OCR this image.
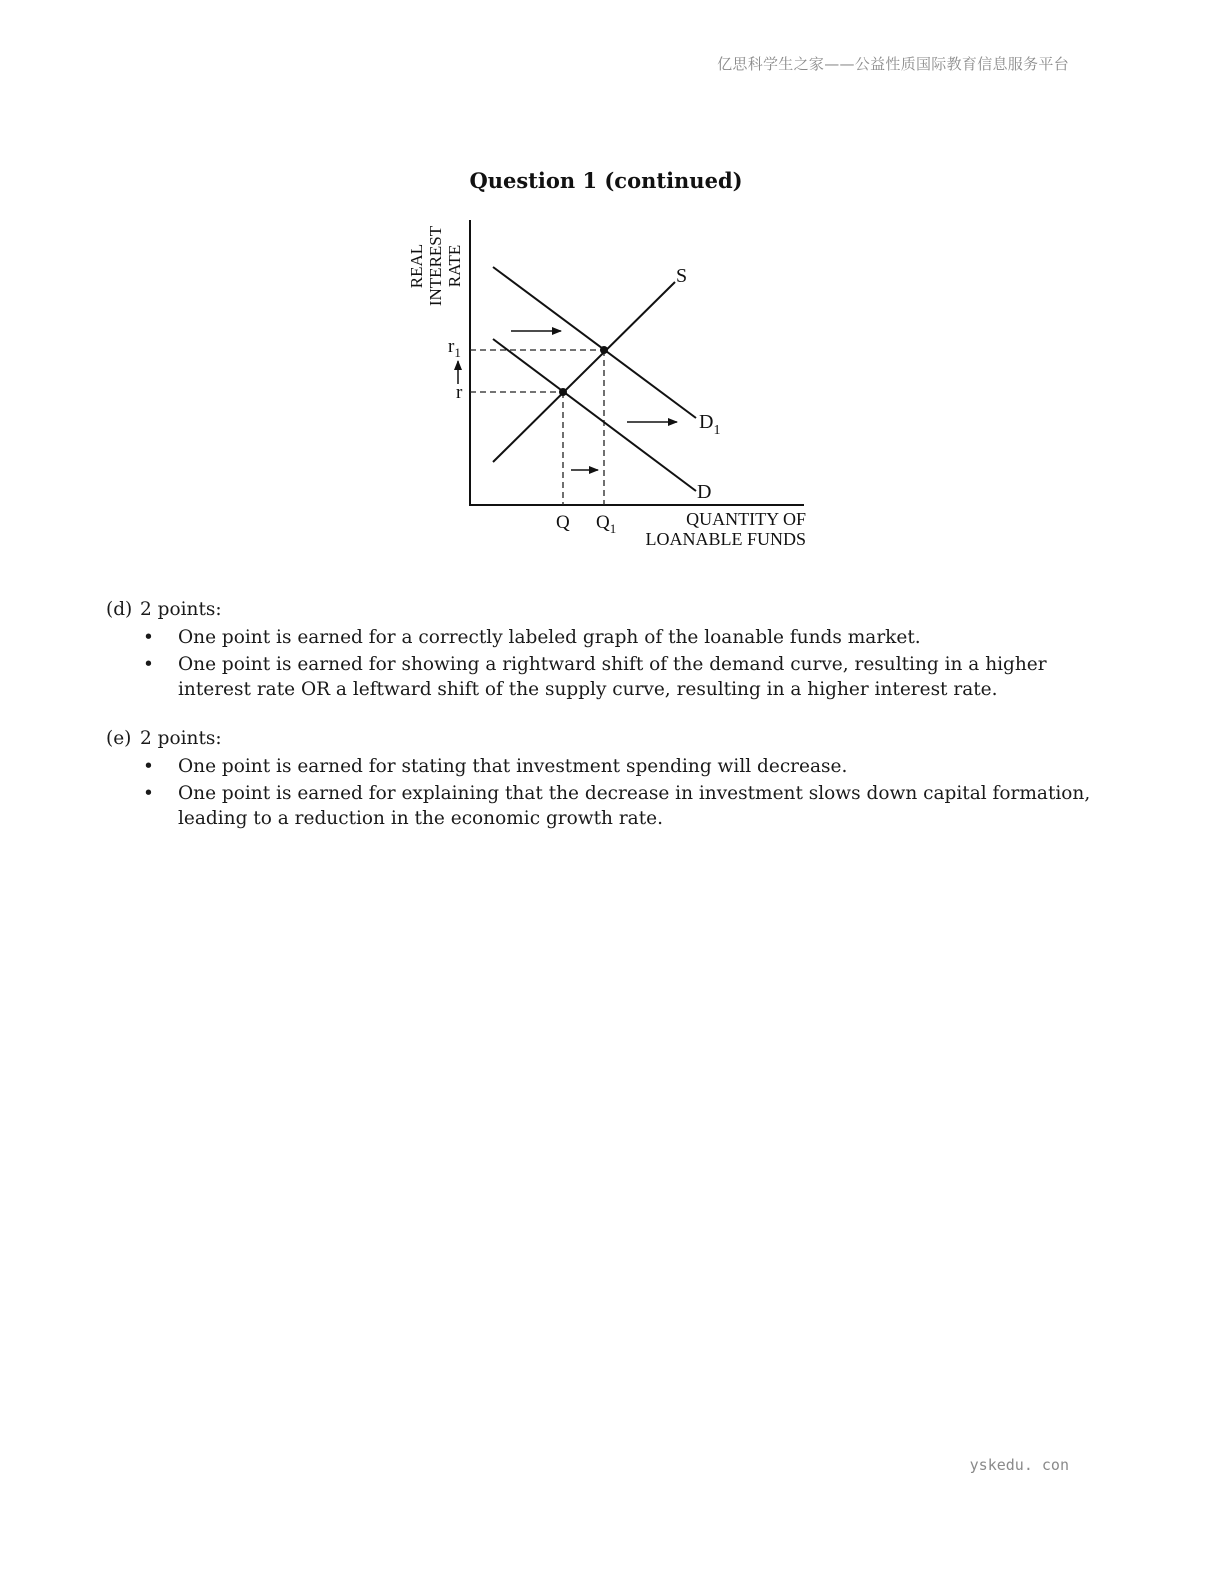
亿思科学生之家——公益性质国际教育信息服务平台
Question 1 (continued)
RATE
INTEREST
REAL
$r_1$
r
Q $Q_1$
S
$D_1$
D
QUANTITY OF
LOANABLE FUNDS
(d) 2 points:
• One point is earned for a correctly labeled graph of the loanable funds market.
• One point is earned for showing a rightward shift of the demand curve, resulting in a higher interest rate OR a leftward shift of the supply curve, resulting in a higher interest rate.
(e) 2 points:
• One point is earned for stating that investment spending will decrease.
• One point is earned for explaining that the decrease in investment slows down capital formation, leading to a reduction in the economic growth rate.
yskedu. con
